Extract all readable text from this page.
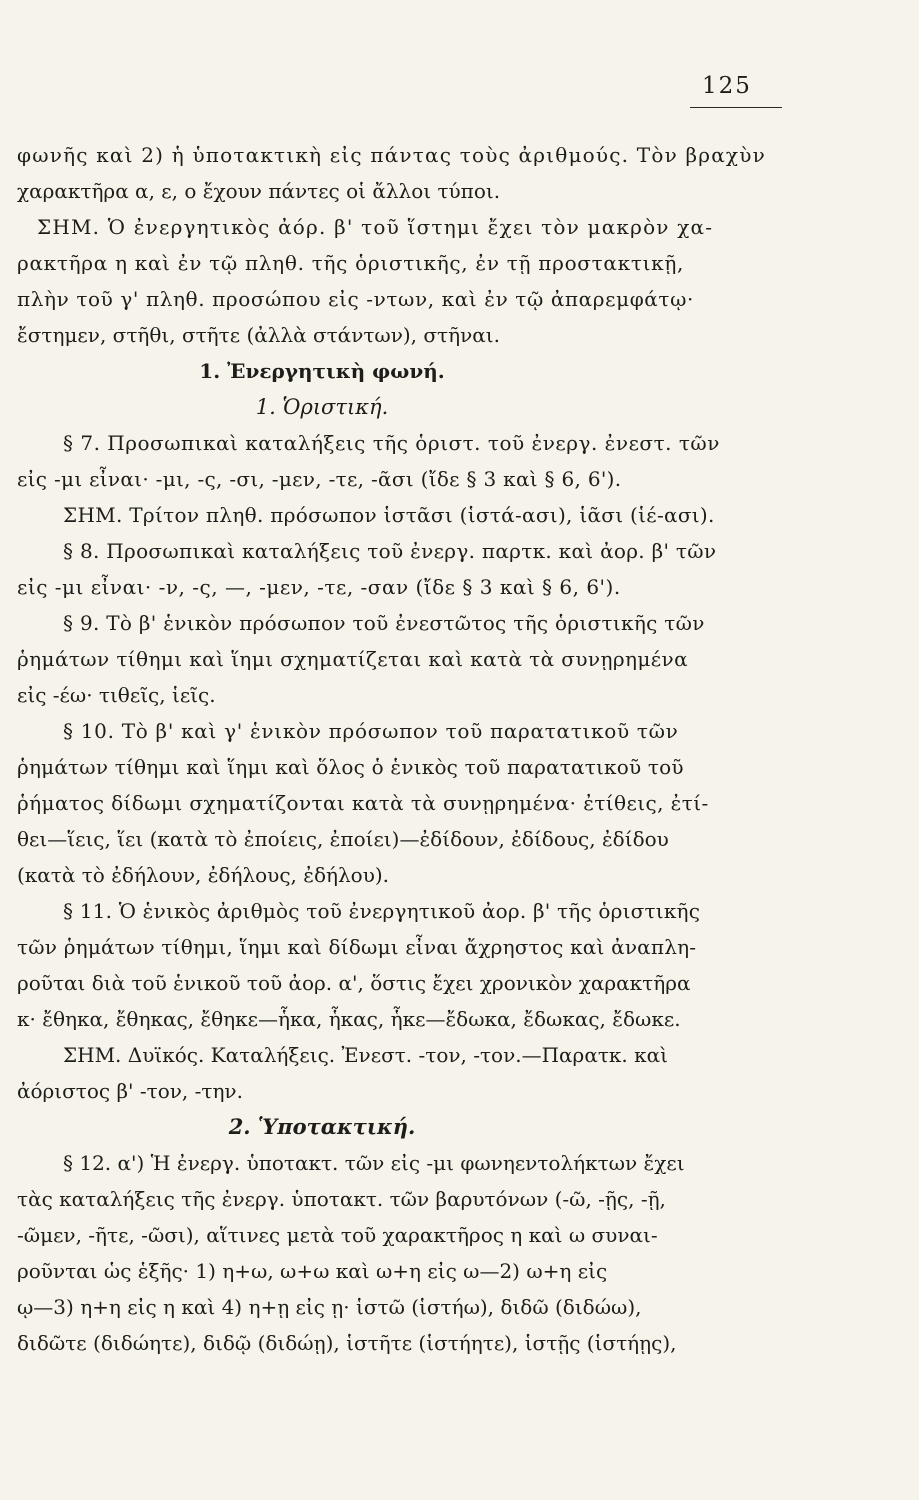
125
φωνῆς καὶ 2) ἡ ὑποτακτικὴ εἰς πάντας τοὺς ἀριθμούς. Τὸν βραχὺν
χαρακτῆρα α, ε, ο ἔχουν πάντες οἱ ἄλλοι τύποι.
ΣΗΜ. Ὁ ἐνεργητικὸς ἀόρ. β' τοῦ ἵστημι ἔχει τὸν μακρὸν χα-
ρακτῆρα η καὶ ἐν τῷ πληθ. τῆς ὁριστικῆς, ἐν τῇ προστακτικῇ,
πλὴν τοῦ γ' πληθ. προσώπου εἰς -ντων, καὶ ἐν τῷ ἀπαρεμφάτῳ·
ἔστημεν, στῆθι, στῆτε (ἀλλὰ στάντων), στῆναι.
1. Ἐνεργητικὴ φωνή.
1. Ὁριστική.
§ 7. Προσωπικαὶ καταλήξεις τῆς ὁριστ. τοῦ ἐνεργ. ἐνεστ. τῶν
εἰς -μι εἶναι· -μι, -ς, -σι, -μεν, -τε, -ᾶσι (ἴδε § 3 καὶ § 6, 6').
ΣΗΜ. Τρίτον πληθ. πρόσωπον ἱστᾶσι (ἱστά-ασι), ἱᾶσι (ἱέ-ασι).
§ 8. Προσωπικαὶ καταλήξεις τοῦ ἐνεργ. παρτκ. καὶ ἀορ. β' τῶν
εἰς -μι εἶναι· -ν, -ς, —, -μεν, -τε, -σαν (ἴδε § 3 καὶ § 6, 6').
§ 9. Τὸ β' ἑνικὸν πρόσωπον τοῦ ἐνεστῶτος τῆς ὁριστικῆς τῶν
ῥημάτων τίθημι καὶ ἵημι σχηματίζεται καὶ κατὰ τὰ συνῃρημένα
εἰς -έω· τιθεῖς, ἱεῖς.
§ 10. Τὸ β' καὶ γ' ἑνικὸν πρόσωπον τοῦ παρατατικοῦ τῶν
ῥημάτων τίθημι καὶ ἵημι καὶ ὅλος ὁ ἑνικὸς τοῦ παρατατικοῦ τοῦ
ῥήματος δίδωμι σχηματίζονται κατὰ τὰ συνῃρημένα· ἐτίθεις, ἐτί-
θει—ἵεις, ἵει (κατὰ τὸ ἐποίεις, ἐποίει)—ἐδίδουν, ἐδίδους, ἐδίδου
(κατὰ τὸ ἐδήλουν, ἐδήλους, ἐδήλου).
§ 11. Ὁ ἑνικὸς ἀριθμὸς τοῦ ἐνεργητικοῦ ἀορ. β' τῆς ὁριστικῆς
τῶν ῥημάτων τίθημι, ἵημι καὶ δίδωμι εἶναι ἄχρηστος καὶ ἀναπλη-
ροῦται διὰ τοῦ ἑνικοῦ τοῦ ἀορ. α', ὅστις ἔχει χρονικὸν χαρακτῆρα
κ· ἔθηκα, ἔθηκας, ἔθηκε—ἧκα, ἧκας, ἧκε—ἔδωκα, ἔδωκας, ἔδωκε.
ΣΗΜ. Δυϊκός. Καταλήξεις. Ἐνεστ. -τον, -τον.—Παρατκ. καὶ
ἀόριστος β' -τον, -την.
2. Ὑποτακτική.
§ 12. α') Ἡ ἐνεργ. ὑποτακτ. τῶν εἰς -μι φωνηεντολήκτων ἔχει
τὰς καταλήξεις τῆς ἐνεργ. ὑποτακτ. τῶν βαρυτόνων (-ῶ, -ῇς, -ῇ,
-ῶμεν, -ῆτε, -ῶσι), αἵτινες μετὰ τοῦ χαρακτῆρος η καὶ ω συναι-
ροῦνται ὡς ἑξῆς· 1) η+ω, ω+ω καὶ ω+η εἰς ω—2) ω+η εἰς
ῳ—3) η+η εἰς η καὶ 4) η+ῃ εἰς ῃ· ἱστῶ (ἱστήω), διδῶ (διδώω),
διδῶτε (διδώητε), διδῷ (διδώῃ), ἱστῆτε (ἱστήητε), ἱστῇς (ἱστήῃς),
